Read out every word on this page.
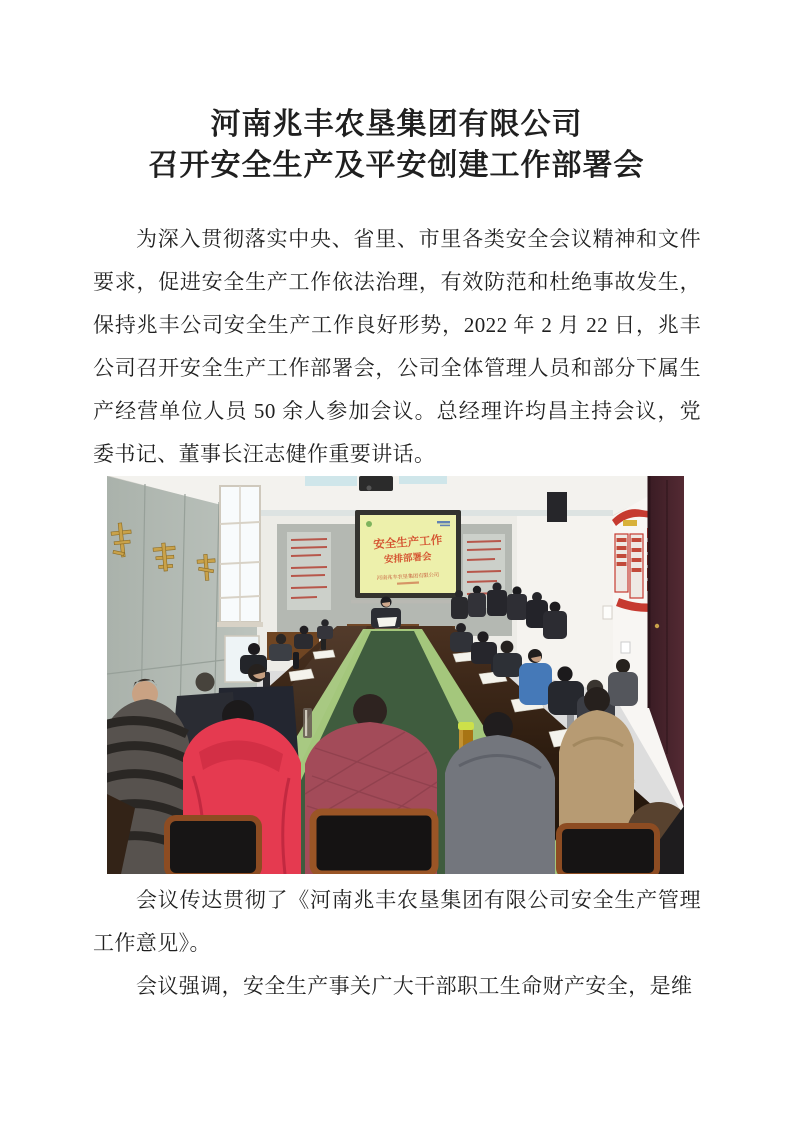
河南兆丰农垦集团有限公司
召开安全生产及平安创建工作部署会

为深入贯彻落实中央、省里、市里各类安全会议精神和文件要求，促进安全生产工作依法治理，有效防范和杜绝事故发生，保持兆丰公司安全生产工作良好形势，2022 年 2 月 22 日，兆丰公司召开安全生产工作部署会，公司全体管理人员和部分下属生产经营单位人员 50 余人参加会议。总经理许均昌主持会议，党委书记、董事长汪志健作重要讲话。

安全生产工作
安排部署会
河南兆丰农垦集团有限公司

会议传达贯彻了《河南兆丰农垦集团有限公司安全生产管理工作意见》。

会议强调，安全生产事关广大干部职工生命财产安全，是维
